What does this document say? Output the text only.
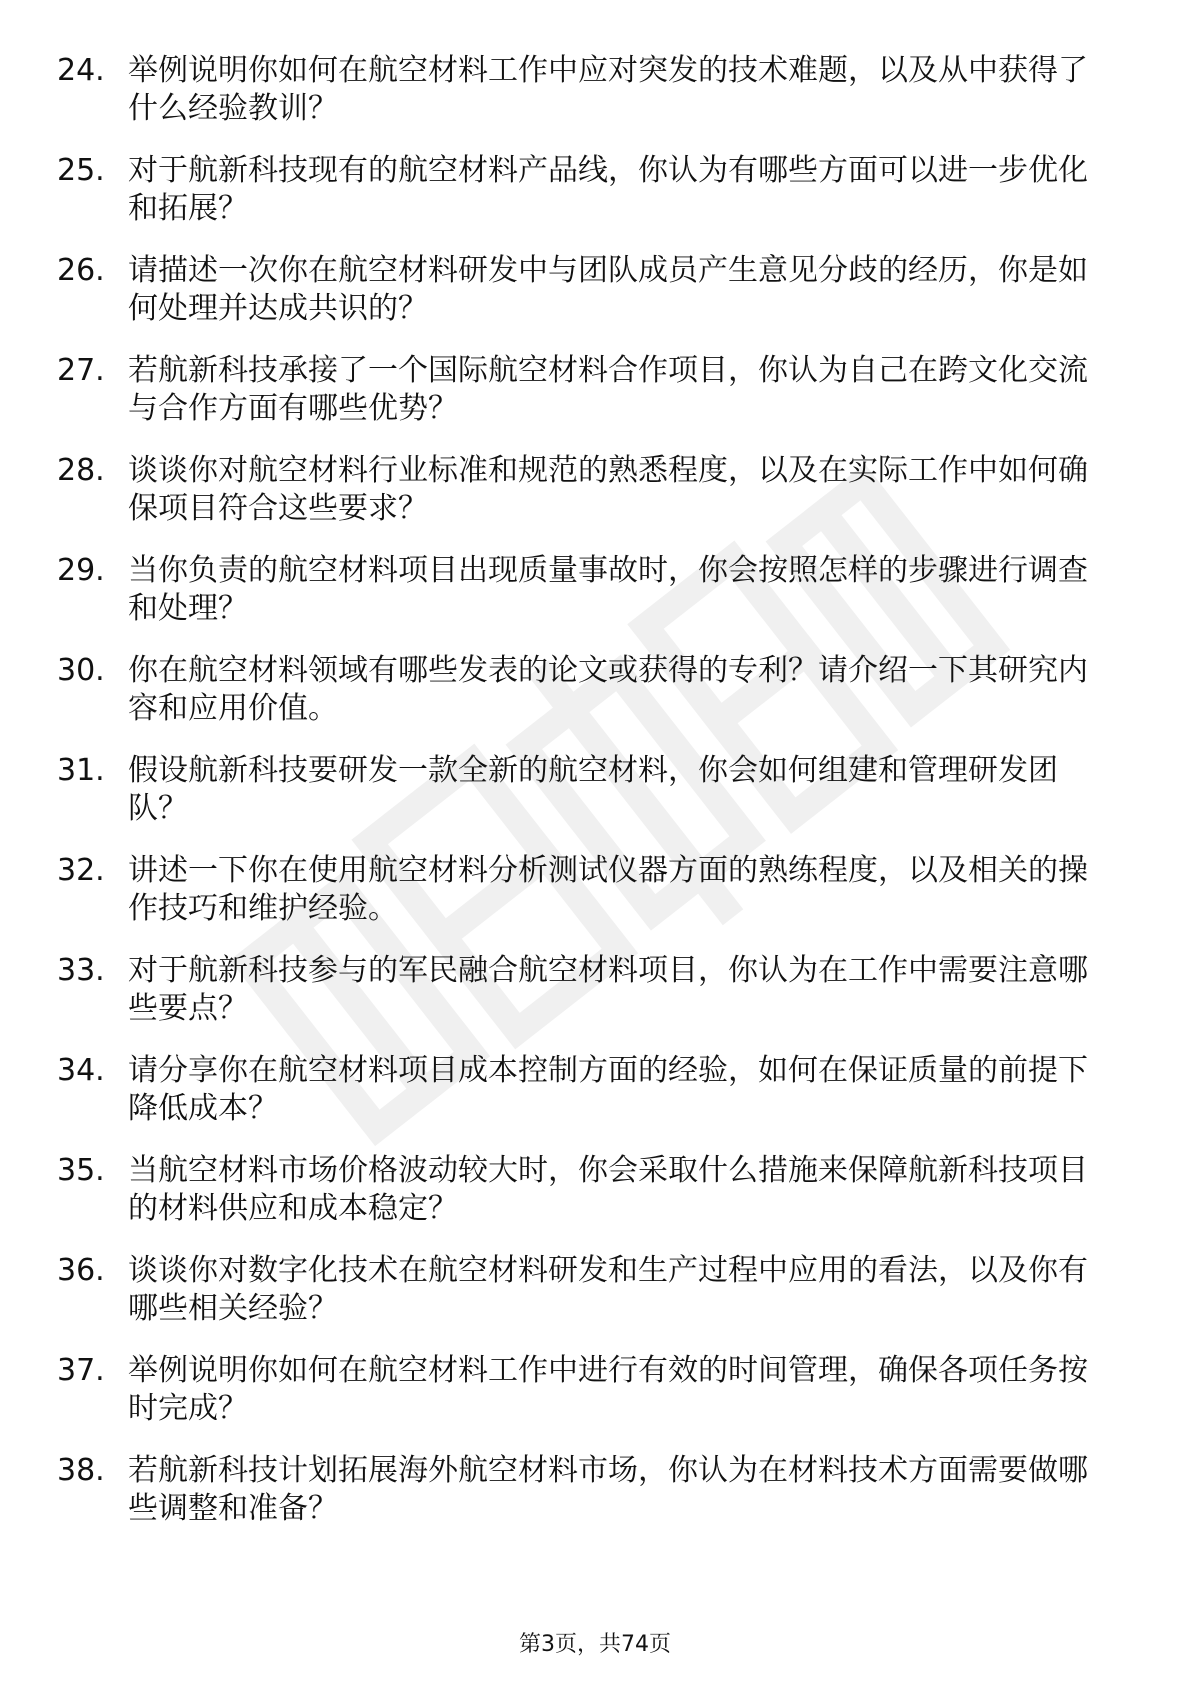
24. 举例说明你如何在航空材料工作中应对突发的技术难题，以及从中获得了什么经验教训？
25. 对于航新科技现有的航空材料产品线，你认为有哪些方面可以进一步优化和拓展？
26. 请描述一次你在航空材料研发中与团队成员产生意见分歧的经历，你是如何处理并达成共识的？
27. 若航新科技承接了一个国际航空材料合作项目，你认为自己在跨文化交流与合作方面有哪些优势？
28. 谈谈你对航空材料行业标准和规范的熟悉程度，以及在实际工作中如何确保项目符合这些要求？
29. 当你负责的航空材料项目出现质量事故时，你会按照怎样的步骤进行调查和处理？
30. 你在航空材料领域有哪些发表的论文或获得的专利？请介绍一下其研究内容和应用价值。
31. 假设航新科技要研发一款全新的航空材料，你会如何组建和管理研发团队？
32. 讲述一下你在使用航空材料分析测试仪器方面的熟练程度，以及相关的操作技巧和维护经验。
33. 对于航新科技参与的军民融合航空材料项目，你认为在工作中需要注意哪些要点？
34. 请分享你在航空材料项目成本控制方面的经验，如何在保证质量的前提下降低成本？
35. 当航空材料市场价格波动较大时，你会采取什么措施来保障航新科技项目的材料供应和成本稳定？
36. 谈谈你对数字化技术在航空材料研发和生产过程中应用的看法，以及你有哪些相关经验？
37. 举例说明你如何在航空材料工作中进行有效的时间管理，确保各项任务按时完成？
38. 若航新科技计划拓展海外航空材料市场，你认为在材料技术方面需要做哪些调整和准备？
第3页，共74页
